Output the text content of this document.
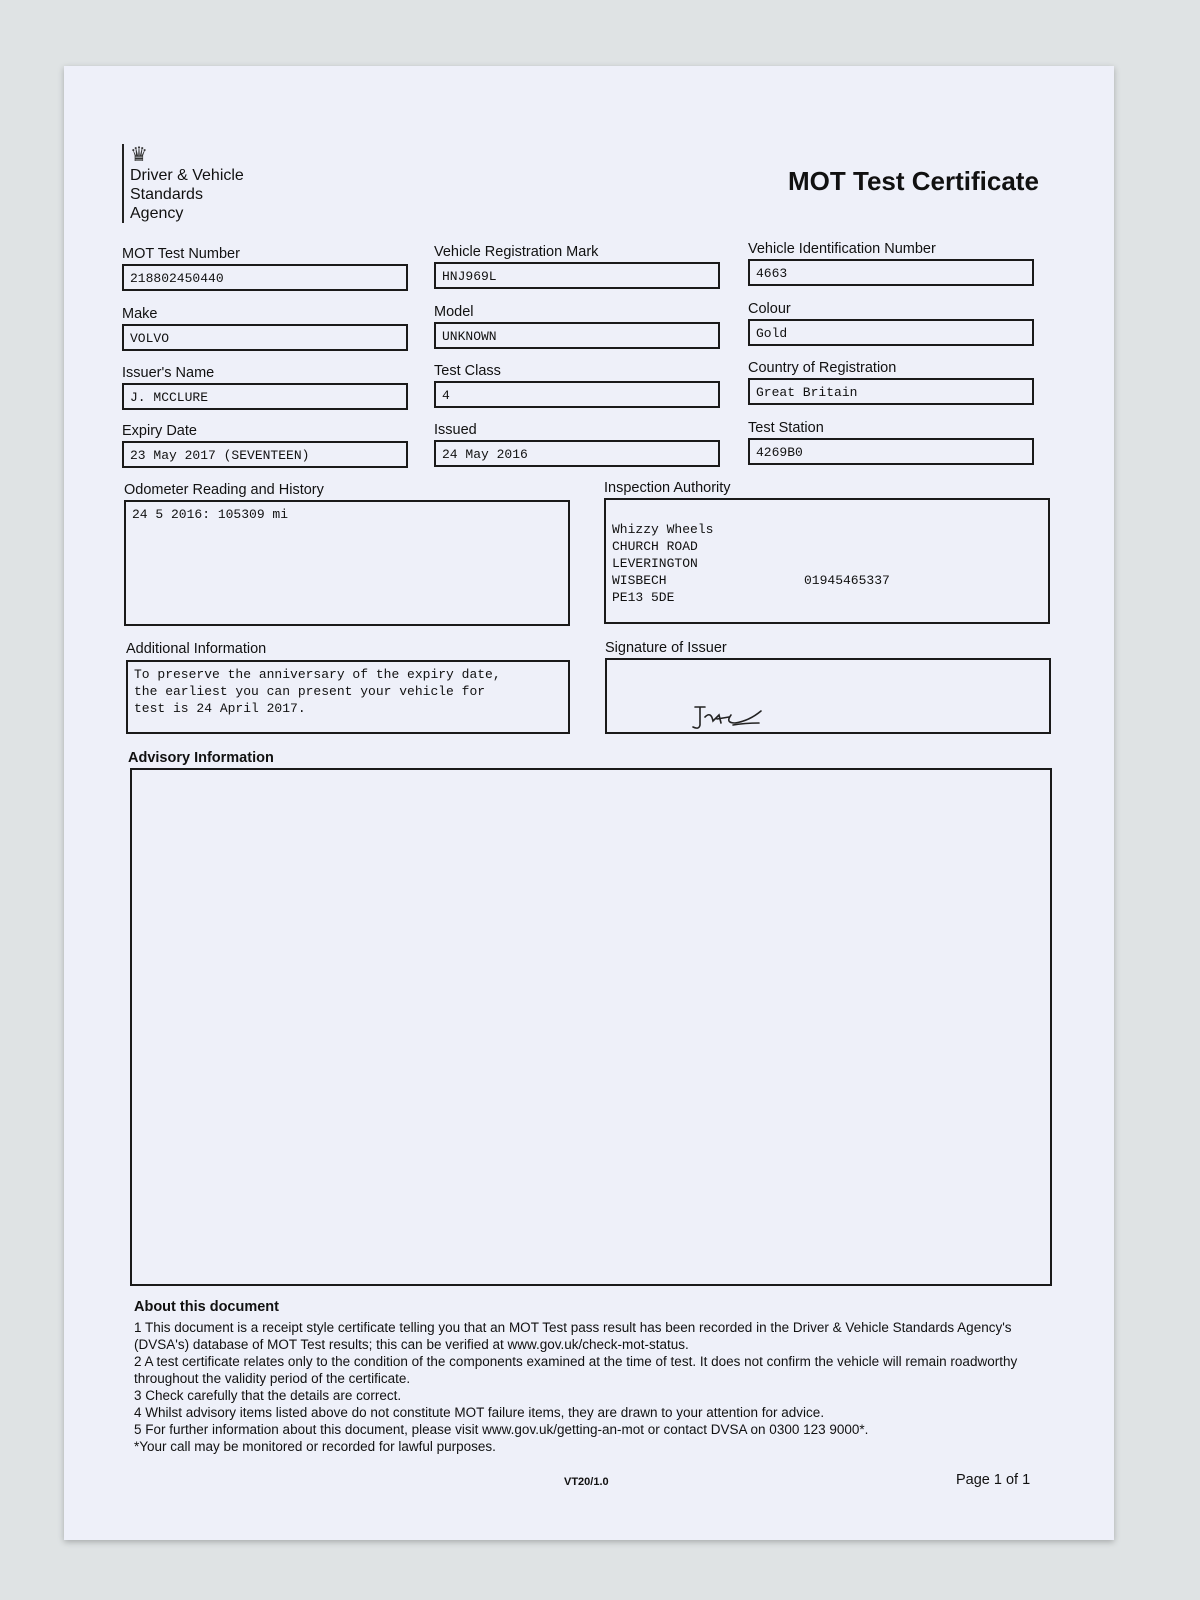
♛
Driver & Vehicle
Standards
Agency
MOT Test Certificate
MOT Test Number
218802450440
Vehicle Registration Mark
HNJ969L
Vehicle Identification Number
4663
Make
VOLVO
Model
UNKNOWN
Colour
Gold
Issuer's Name
J. MCCLURE
Test Class
4
Country of Registration
Great Britain
Expiry Date
23 May 2017 (SEVENTEEN)
Issued
24 May 2016
Test Station
4269B0
Odometer Reading and History
24 5 2016: 105309 mi
Inspection Authority

Whizzy Wheels
CHURCH ROAD
LEVERINGTON
WISBECH
PE13 5DE

01945465337

Additional Information
To preserve the anniversary of the expiry date,
the earliest you can present your vehicle for
test is 24 April 2017.
Signature of Issuer
Advisory Information
About this document

1 This document is a receipt style certificate telling you that an MOT Test pass result has been recorded in the Driver & Vehicle Standards Agency's (DVSA's) database of MOT Test results; this can be verified at www.gov.uk/check-mot-status.

2 A test certificate relates only to the condition of the components examined at the time of test. It does not confirm the vehicle will remain roadworthy throughout the validity period of the certificate.

3 Check carefully that the details are correct.

4 Whilst advisory items listed above do not constitute MOT failure items, they are drawn to your attention for advice.

5 For further information about this document, please visit www.gov.uk/getting-an-mot or contact DVSA on 0300 123 9000*.

*Your call may be monitored or recorded for lawful purposes.

VT20/1.0	Page 1 of 1
